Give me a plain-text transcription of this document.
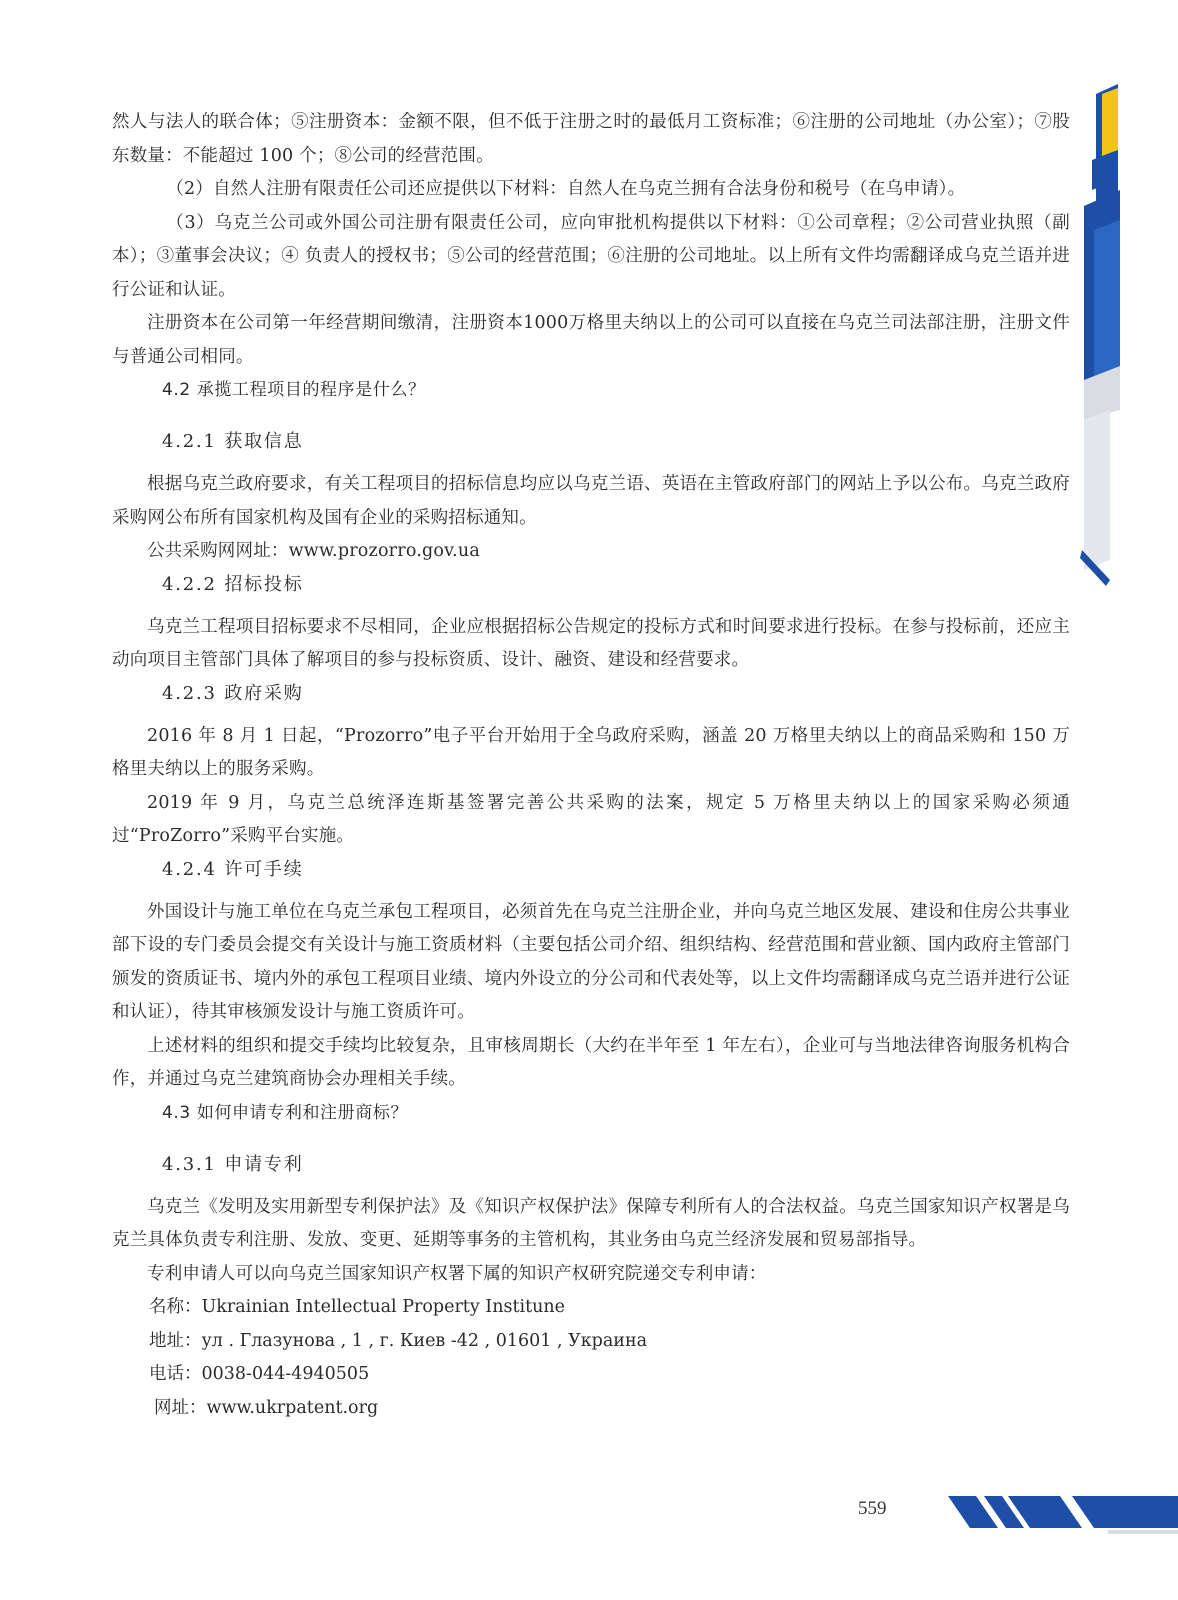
然人与法人的联合体；⑤注册资本：金额不限，但不低于注册之时的最低月工资标准；⑥注册的公司地址（办公室）；⑦股东数量：不能超过 100 个；⑧公司的经营范围。

（2）自然人注册有限责任公司还应提供以下材料：自然人在乌克兰拥有合法身份和税号（在乌申请）。

（3）乌克兰公司或外国公司注册有限责任公司，应向审批机构提供以下材料：①公司章程；②公司营业执照（副本）；③董事会决议；④ 负责人的授权书；⑤公司的经营范围；⑥注册的公司地址。以上所有文件均需翻译成乌克兰语并进行公证和认证。

注册资本在公司第一年经营期间缴清，注册资本1000万格里夫纳以上的公司可以直接在乌克兰司法部注册，注册文件与普通公司相同。

4.2 承揽工程项目的程序是什么？

4.2.1 获取信息

根据乌克兰政府要求，有关工程项目的招标信息均应以乌克兰语、英语在主管政府部门的网站上予以公布。乌克兰政府采购网公布所有国家机构及国有企业的采购招标通知。

公共采购网网址：www.prozorro.gov.ua

4.2.2 招标投标

乌克兰工程项目招标要求不尽相同，企业应根据招标公告规定的投标方式和时间要求进行投标。在参与投标前，还应主动向项目主管部门具体了解项目的参与投标资质、设计、融资、建设和经营要求。

4.2.3 政府采购

2016 年 8 月 1 日起，“Prozorro”电子平台开始用于全乌政府采购，涵盖 20 万格里夫纳以上的商品采购和 150 万格里夫纳以上的服务采购。

2019 年 9 月，乌克兰总统泽连斯基签署完善公共采购的法案，规定 5 万格里夫纳以上的国家采购必须通过“ProZorro”采购平台实施。

4.2.4 许可手续

外国设计与施工单位在乌克兰承包工程项目，必须首先在乌克兰注册企业，并向乌克兰地区发展、建设和住房公共事业部下设的专门委员会提交有关设计与施工资质材料（主要包括公司介绍、组织结构、经营范围和营业额、国内政府主管部门颁发的资质证书、境内外的承包工程项目业绩、境内外设立的分公司和代表处等，以上文件均需翻译成乌克兰语并进行公证和认证），待其审核颁发设计与施工资质许可。

上述材料的组织和提交手续均比较复杂，且审核周期长（大约在半年至 1 年左右），企业可与当地法律咨询服务机构合作，并通过乌克兰建筑商协会办理相关手续。

4.3 如何申请专利和注册商标？

4.3.1 申请专利

乌克兰《发明及实用新型专利保护法》及《知识产权保护法》保障专利所有人的合法权益。乌克兰国家知识产权署是乌克兰具体负责专利注册、发放、变更、延期等事务的主管机构，其业务由乌克兰经济发展和贸易部指导。

专利申请人可以向乌克兰国家知识产权署下属的知识产权研究院递交专利申请：

名称：Ukrainian Intellectual Property Institune

地址：ул . Глазунова , 1 , г. Киев -42 , 01601 , Украина

电话：0038-044-4940505

网址：www.ukrpatent.org

559
